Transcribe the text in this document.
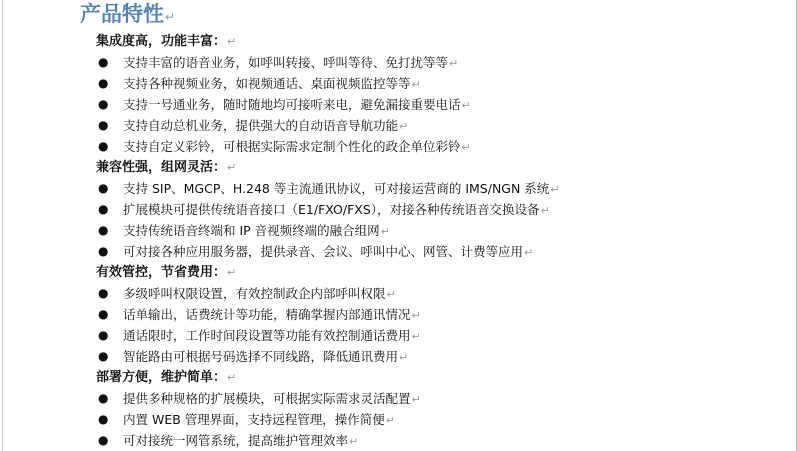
产品特性↵
集成度高，功能丰富：↵
● 支持丰富的语音业务，如呼叫转接、呼叫等待、免打扰等等↵
● 支持各种视频业务，如视频通话、桌面视频监控等等↵
● 支持一号通业务，随时随地均可接听来电，避免漏接重要电话↵
● 支持自动总机业务，提供强大的自动语音导航功能↵
● 支持自定义彩铃，可根据实际需求定制个性化的政企单位彩铃↵
兼容性强，组网灵活：↵
● 支持 SIP、MGCP、H.248 等主流通讯协议，可对接运营商的 IMS/NGN 系统↵
● 扩展模块可提供传统语音接口（E1/FXO/FXS），对接各种传统语音交换设备↵
● 支持传统语音终端和 IP 音视频终端的融合组网↵
● 可对接各种应用服务器，提供录音、会议、呼叫中心、网管、计费等应用↵
有效管控，节省费用：↵
● 多级呼叫权限设置，有效控制政企内部呼叫权限↵
● 话单输出，话费统计等功能，精确掌握内部通讯情况↵
● 通话限时，工作时间段设置等功能有效控制通话费用↵
● 智能路由可根据号码选择不同线路，降低通讯费用↵
部署方便，维护简单：↵
● 提供多种规格的扩展模块，可根据实际需求灵活配置↵
● 内置 WEB 管理界面，支持远程管理，操作简便↵
● 可对接统一网管系统，提高维护管理效率↵
